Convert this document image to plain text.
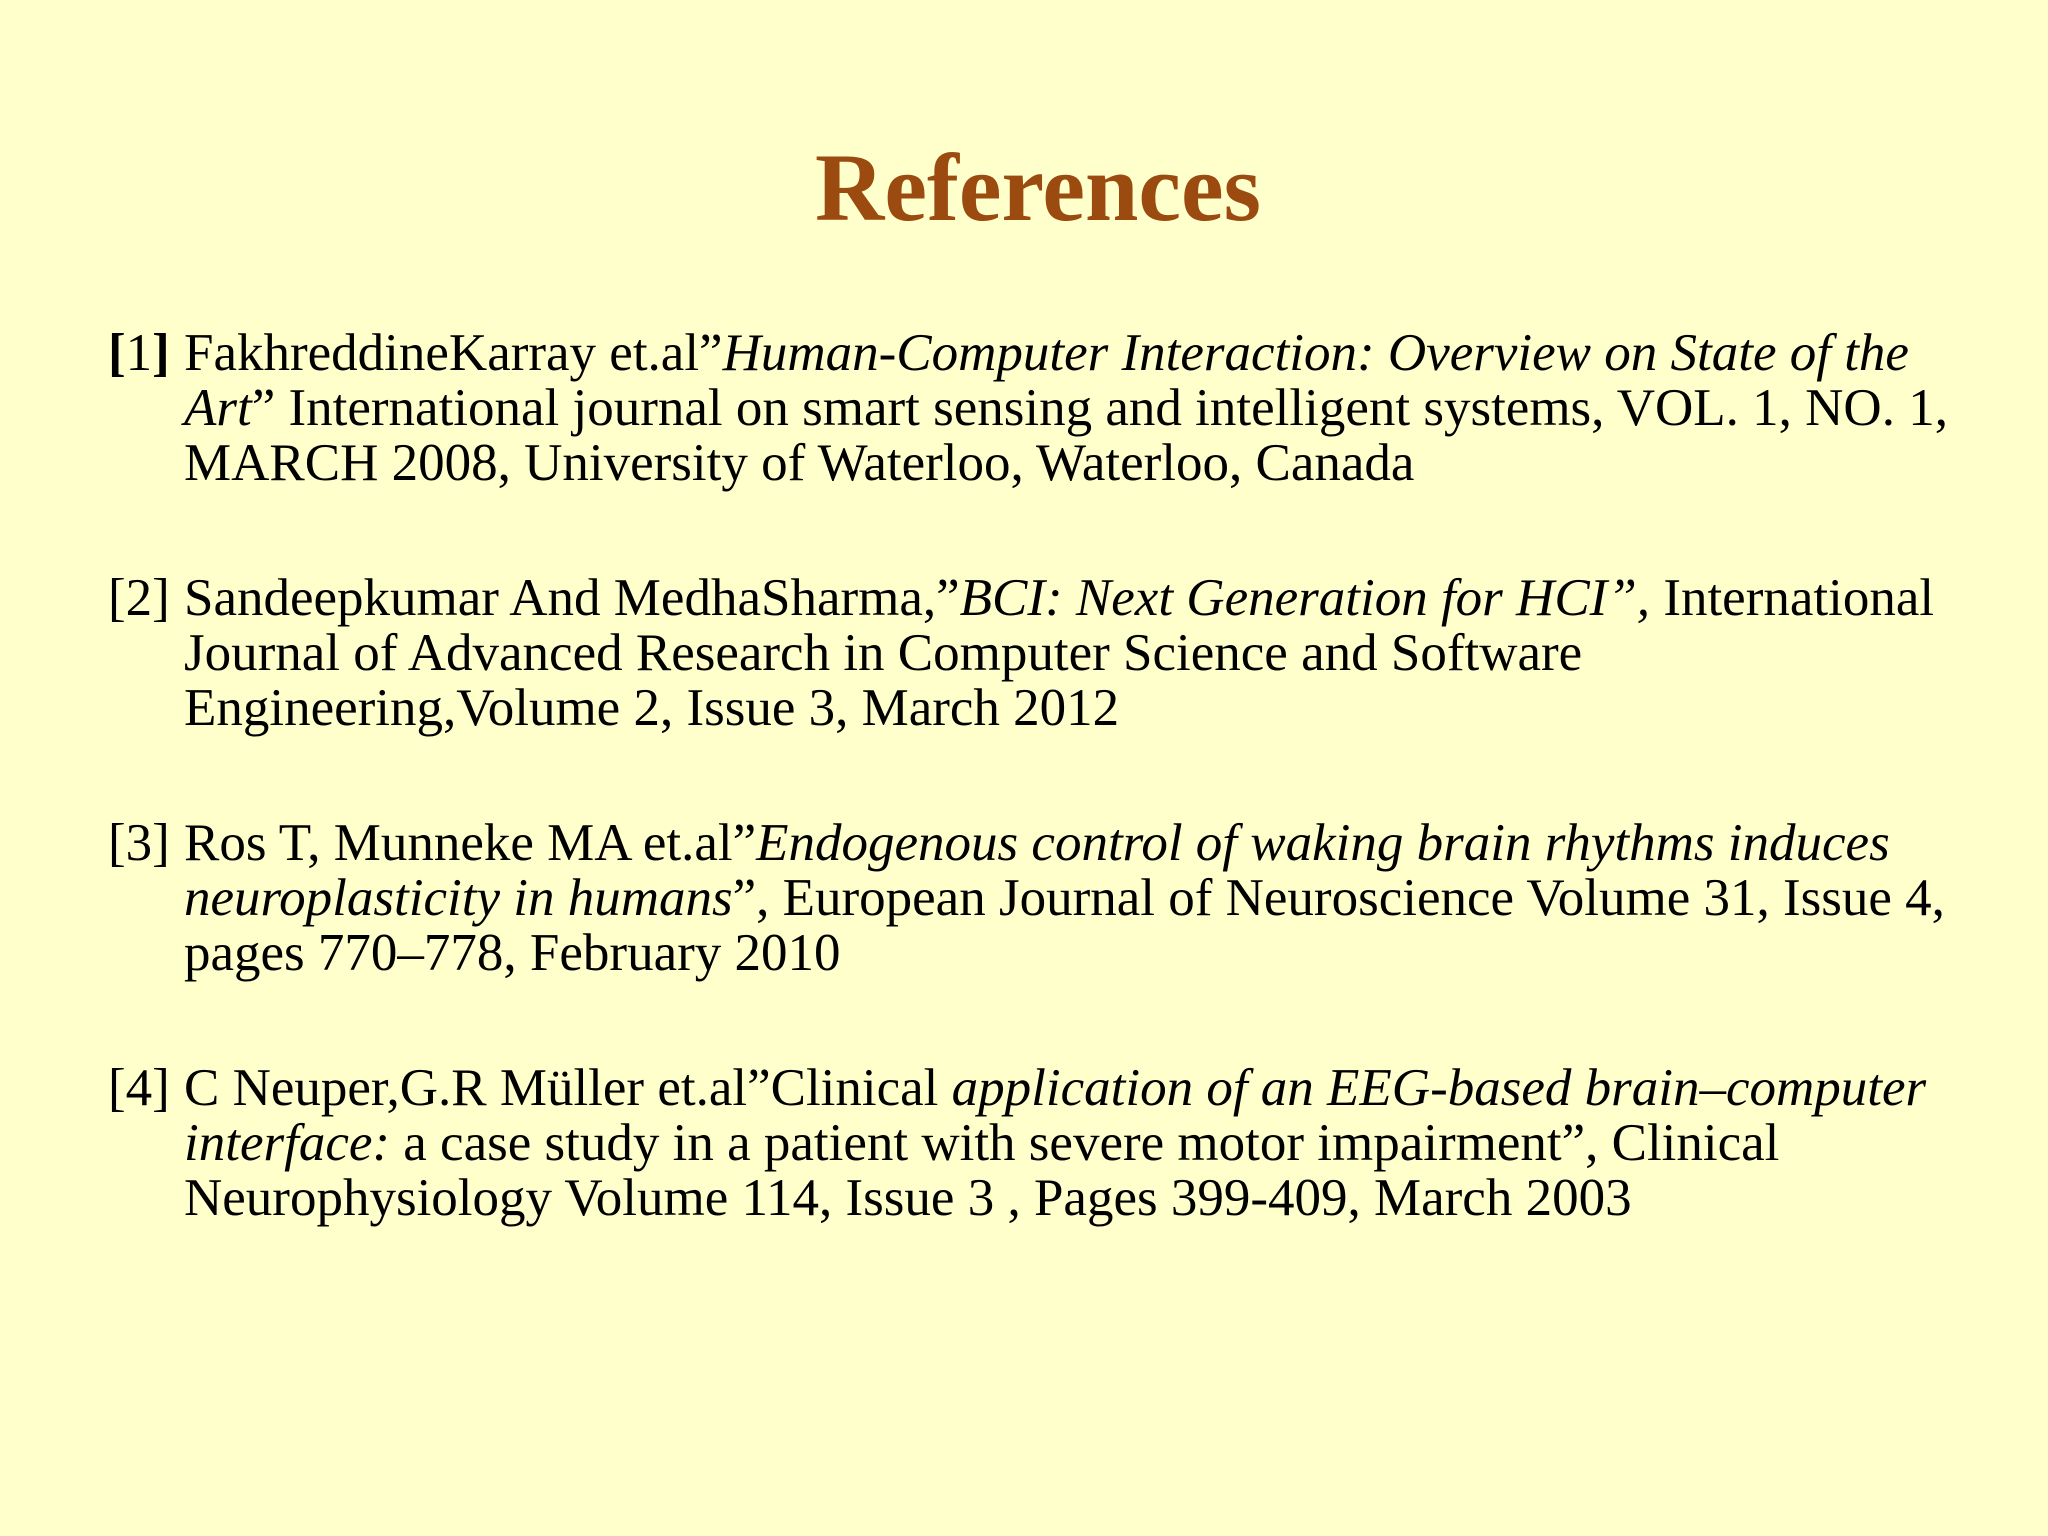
References
[1] FakhreddineKarray et.al”Human-Computer Interaction: Overview on State of the Art” International journal on smart sensing and intelligent systems, VOL. 1, NO. 1, MARCH 2008, University of Waterloo, Waterloo, Canada
[2] Sandeepkumar And MedhaSharma,”BCI: Next Generation for HCI”, International Journal of Advanced Research in Computer Science and Software Engineering,Volume 2, Issue 3, March 2012
[3] Ros T, Munneke MA et.al”Endogenous control of waking brain rhythms induces neuroplasticity in humans”, European Journal of Neuroscience Volume 31, Issue 4, pages 770–778, February 2010
[4] C Neuper,G.R Müller et.al”Clinical application of an EEG-based brain–computer interface: a case study in a patient with severe motor impairment”, Clinical Neurophysiology Volume 114, Issue 3 , Pages 399-409, March 2003
